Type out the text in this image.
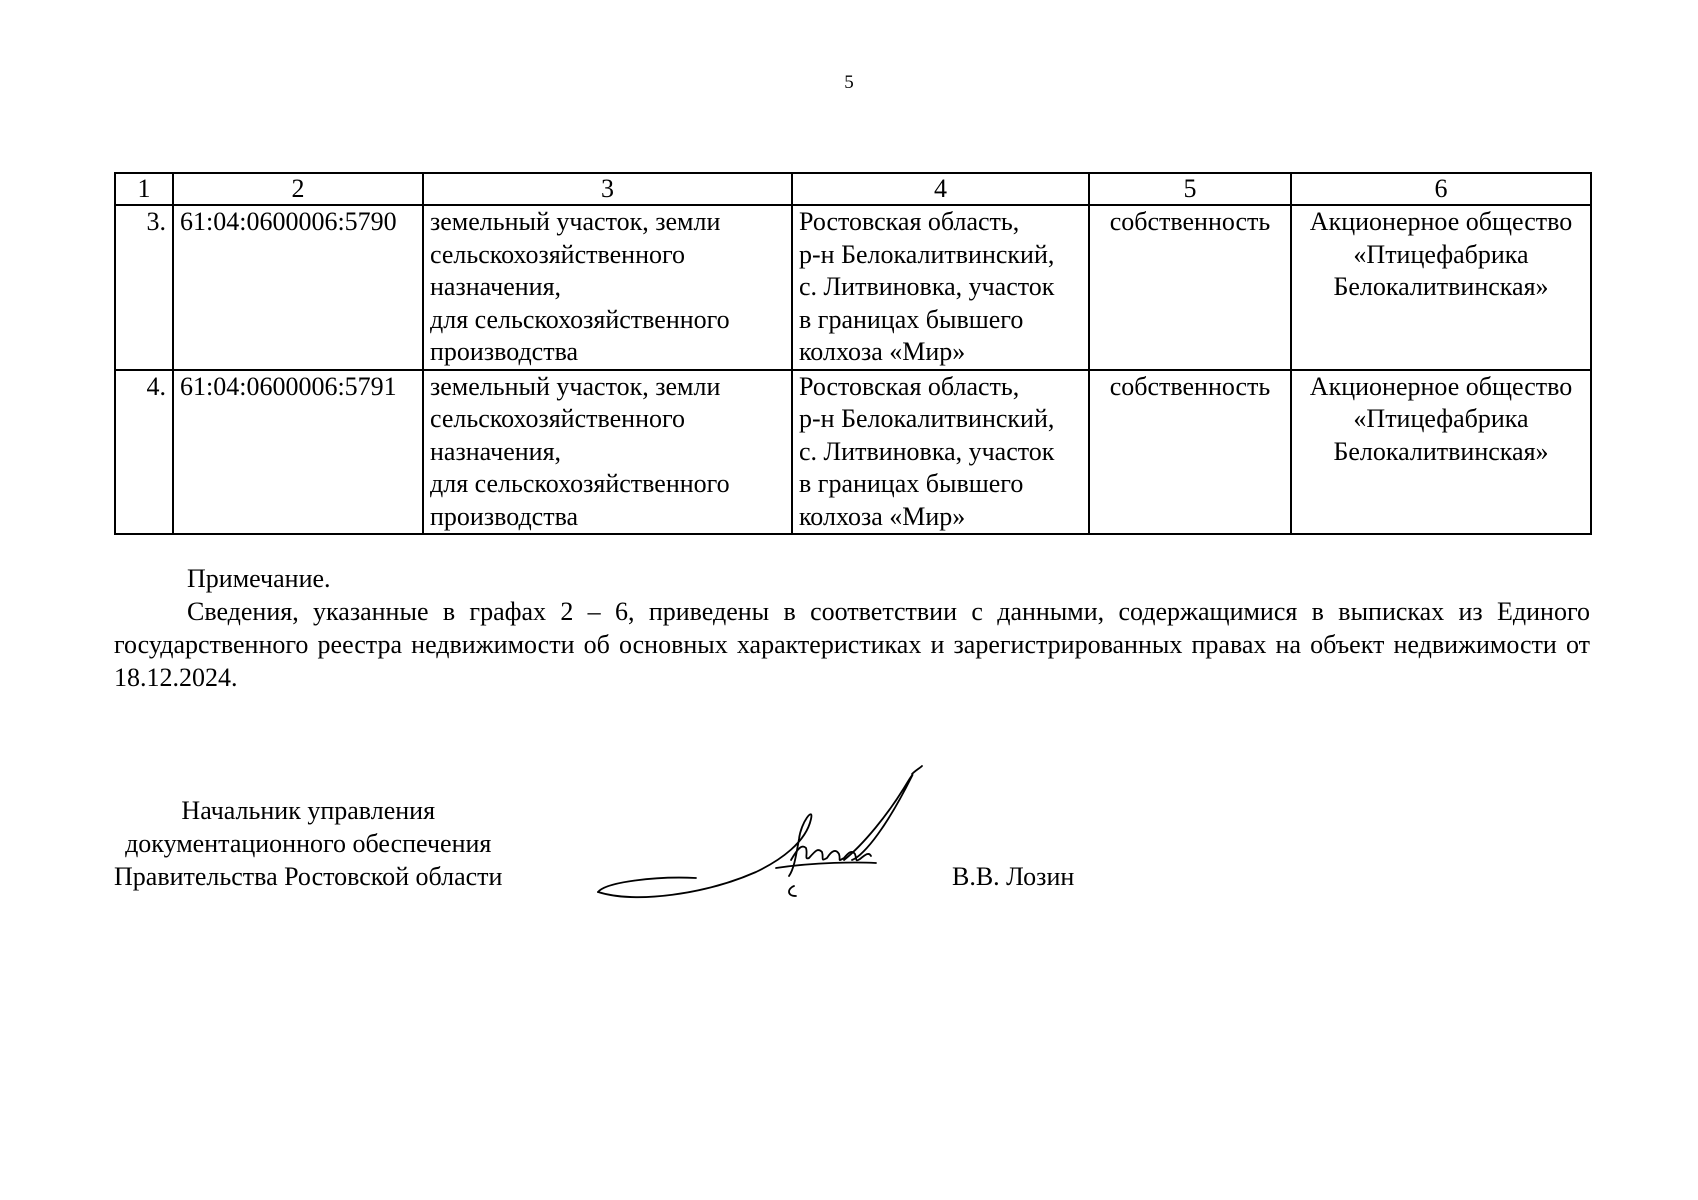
5
1	2	3	4	5	6
3.	61:04:0600006:5790	земельный участок, земли
сельскохозяйственного
назначения,
для сельскохозяйственного
производства	Ростовская область,
р-н Белокалитвинский,
с. Литвиновка, участок
в границах бывшего
колхоза «Мир»	собственность	Акционерное общество
«Птицефабрика
Белокалитвинская»

4.	61:04:0600006:5791	земельный участок, земли
сельскохозяйственного
назначения,
для сельскохозяйственного
производства	Ростовская область,
р-н Белокалитвинский,
с. Литвиновка, участок
в границах бывшего
колхоза «Мир»	собственность	Акционерное общество
«Птицефабрика
Белокалитвинская»
Примечание.
Сведения, указанные в графах 2 – 6, приведены в соответствии с данными, содержащимися в выписках из Единого государственного реестра недвижимости об основных характеристиках и зарегистрированных правах на объект недвижимости от 18.12.2024.
Начальник управления
документационного обеспечения
Правительства Ростовской области	В.В. Лозин
